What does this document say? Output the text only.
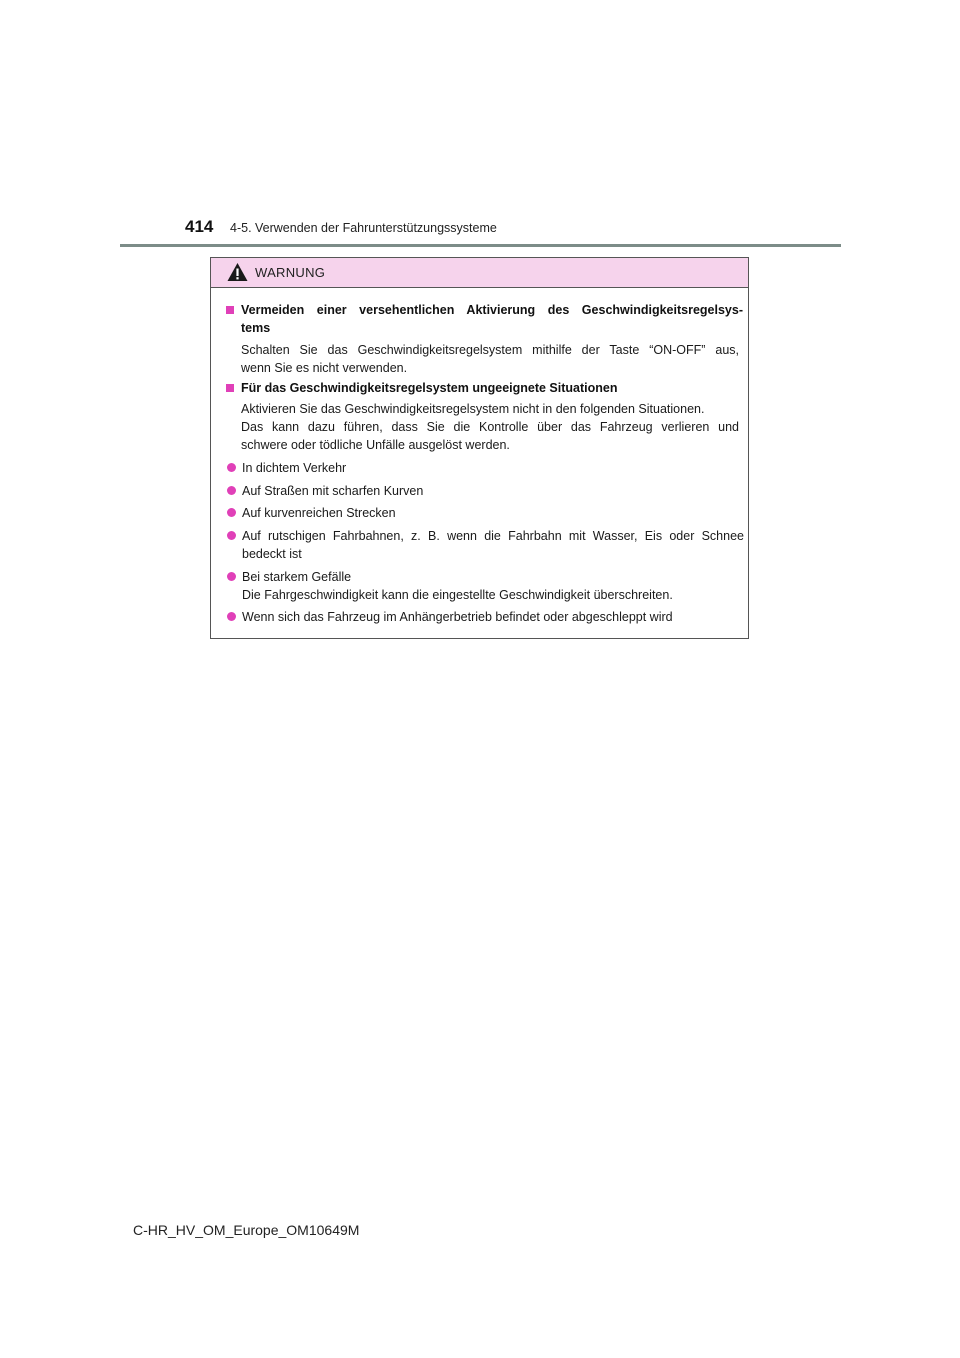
414 4-5. Verwenden der Fahrunterstützungssysteme
WARNUNG
Vermeiden einer versehentlichen Aktivierung des Geschwindigkeitsregelsys-
tems
Schalten Sie das Geschwindigkeitsregelsystem mithilfe der Taste “ON-OFF” aus,
wenn Sie es nicht verwenden.
Für das Geschwindigkeitsregelsystem ungeeignete Situationen
Aktivieren Sie das Geschwindigkeitsregelsystem nicht in den folgenden Situationen.
Das kann dazu führen, dass Sie die Kontrolle über das Fahrzeug verlieren und
schwere oder tödliche Unfälle ausgelöst werden.
In dichtem Verkehr
Auf Straßen mit scharfen Kurven
Auf kurvenreichen Strecken
Auf rutschigen Fahrbahnen, z. B. wenn die Fahrbahn mit Wasser, Eis oder Schnee
bedeckt ist
Bei starkem Gefälle
Die Fahrgeschwindigkeit kann die eingestellte Geschwindigkeit überschreiten.
Wenn sich das Fahrzeug im Anhängerbetrieb befindet oder abgeschleppt wird
C-HR_HV_OM_Europe_OM10649M
